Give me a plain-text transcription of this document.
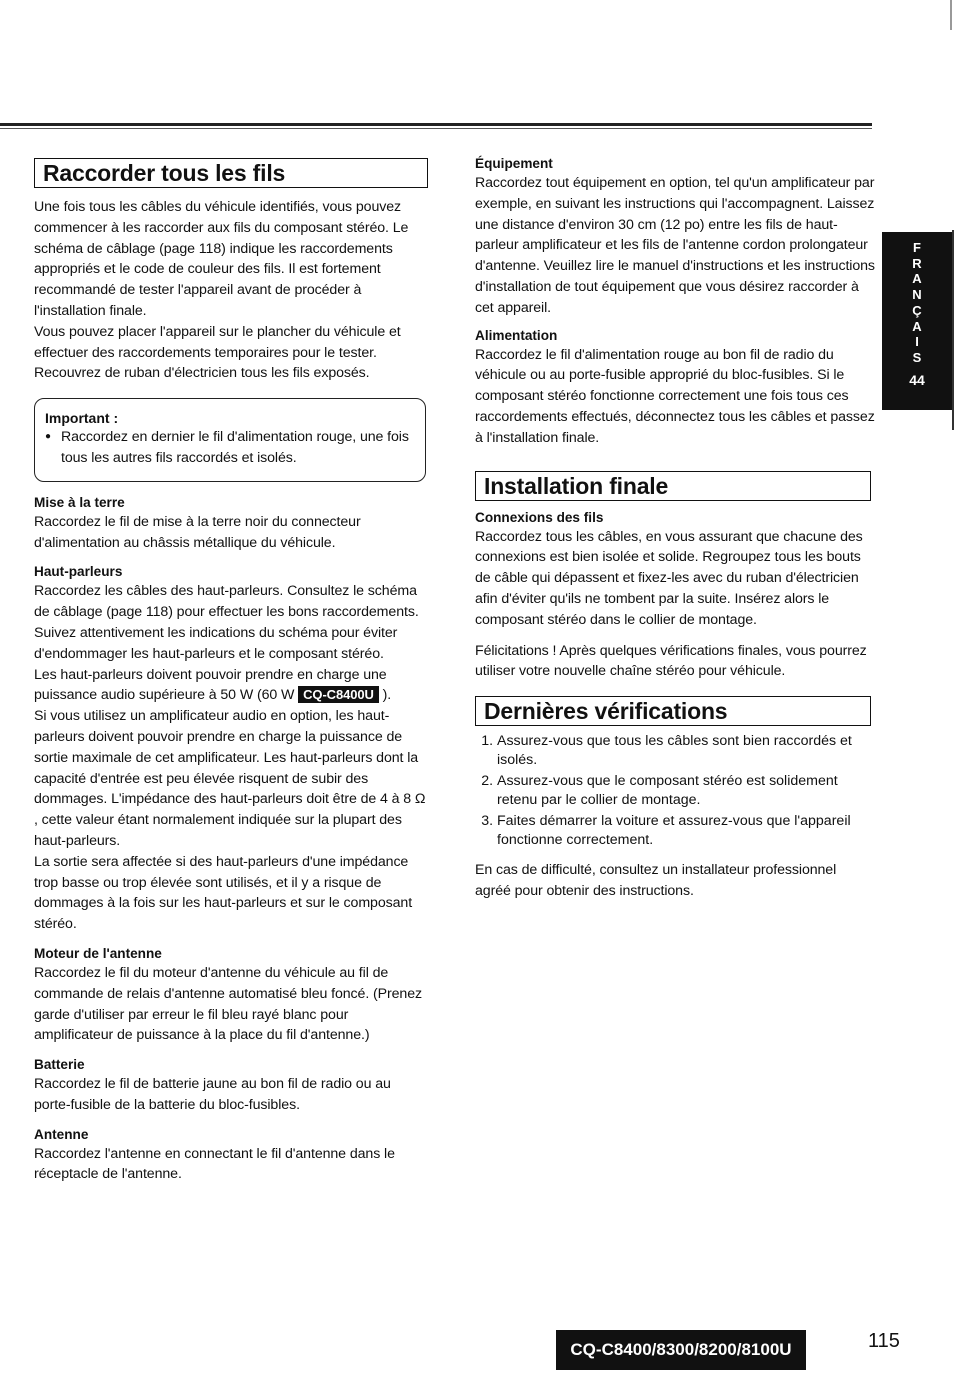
F
R
A
N
Ç
A
I
S
44
Raccorder tous les fils

Une fois tous les câbles du véhicule identifiés, vous pouvez commencer à les raccorder aux fils du composant stéréo. Le schéma de câblage (page 118) indique les raccordements appropriés et le code de couleur des fils. Il est fortement recommandé de tester l'appareil avant de procéder à l'installation finale.

Vous pouvez placer l'appareil sur le plancher du véhicule et effectuer des raccordements temporaires pour le tester. Recouvrez de ruban d'électricien tous les fils exposés.

Important :

● Raccordez en dernier le fil d'alimentation rouge, une fois tous les autres fils raccordés et isolés.

Mise à la terre

Raccordez le fil de mise à la terre noir du connecteur d'alimentation au châssis métallique du véhicule.

Haut-parleurs

Raccordez les câbles des haut-parleurs. Consultez le schéma de câblage (page 118) pour effectuer les bons raccordements. Suivez attentivement les indications du schéma pour éviter d'endommager les haut-parleurs et le composant stéréo.

Les haut-parleurs doivent pouvoir prendre en charge une puissance audio supérieure à 50 W (60 W CQ-C8400U ).

Si vous utilisez un amplificateur audio en option, les haut-parleurs doivent pouvoir prendre en charge la puissance de sortie maximale de cet amplificateur. Les haut-parleurs dont la capacité d'entrée est peu élevée risquent de subir des dommages. L'impédance des haut-parleurs doit être de 4 à 8 Ω , cette valeur étant normalement indiquée sur la plupart des haut-parleurs.

La sortie sera affectée si des haut-parleurs d'une impédance trop basse ou trop élevée sont utilisés, et il y a risque de dommages à la fois sur les haut-parleurs et sur le composant stéréo.

Moteur de l'antenne

Raccordez le fil du moteur d'antenne du véhicule au fil de commande de relais d'antenne automatisé bleu foncé. (Prenez garde d'utiliser par erreur le fil bleu rayé blanc pour amplificateur de puissance à la place du fil d'antenne.)

Batterie

Raccordez le fil de batterie jaune au bon fil de radio ou au porte-fusible de la batterie du bloc-fusibles.

Antenne

Raccordez l'antenne en connectant le fil d'antenne dans le réceptacle de l'antenne.

Équipement

Raccordez tout équipement en option, tel qu'un amplificateur par exemple, en suivant les instructions qui l'accompagnent. Laissez une distance d'environ 30 cm (12 po) entre les fils de haut-parleur amplificateur et les fils de l'antenne cordon prolongateur d'antenne. Veuillez lire le manuel d'instructions et les instructions d'installation de tout équipement que vous désirez raccorder à cet appareil.

Alimentation

Raccordez le fil d'alimentation rouge au bon fil de radio du véhicule ou au porte-fusible approprié du bloc-fusibles. Si le composant stéréo fonctionne correctement une fois tous ces raccordements effectués, déconnectez tous les câbles et passez à l'installation finale.

Installation finale
Connexions des fils

Raccordez tous les câbles, en vous assurant que chacune des connexions est bien isolée et solide. Regroupez tous les bouts de câble qui dépassent et fixez-les avec du ruban d'électricien afin d'éviter qu'ils ne tombent par la suite. Insérez alors le composant stéréo dans le collier de montage.

Félicitations ! Après quelques vérifications finales, vous pourrez utiliser votre nouvelle chaîne stéréo pour véhicule.

Dernières vérifications
1. Assurez-vous que tous les câbles sont bien raccordés et isolés.
2. Assurez-vous que le composant stéréo est solidement retenu par le collier de montage.
3. Faites démarrer la voiture et assurez-vous que l'appareil fonctionne correctement.

En cas de difficulté, consultez un installateur professionnel agréé pour obtenir des instructions.

CQ-C8400/8300/8200/8100U	115
